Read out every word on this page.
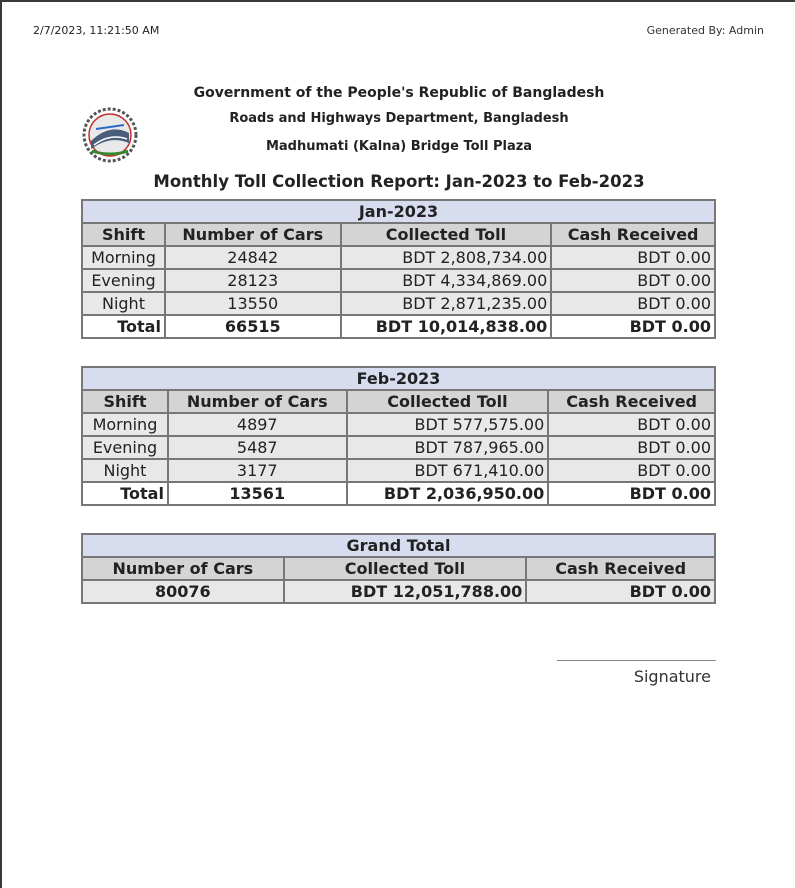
2/7/2023, 11:21:50 AM	Generated By: Admin
Government of the People's Republic of Bangladesh
Roads and Highways Department, Bangladesh
Madhumati (Kalna) Bridge Toll Plaza
Monthly Toll Collection Report: Jan-2023 to Feb-2023
Jan-2023			
Shift	Number of Cars	Collected Toll	Cash Received
Morning	24842	BDT 2,808,734.00	BDT 0.00
Evening	28123	BDT 4,334,869.00	BDT 0.00
Night	13550	BDT 2,871,235.00	BDT 0.00
Total	66515	BDT 10,014,838.00	BDT 0.00
Feb-2023			
Shift	Number of Cars	Collected Toll	Cash Received
Morning	4897	BDT 577,575.00	BDT 0.00
Evening	5487	BDT 787,965.00	BDT 0.00
Night	3177	BDT 671,410.00	BDT 0.00
Total	13561	BDT 2,036,950.00	BDT 0.00
Grand Total		
Number of Cars	Collected Toll	Cash Received
80076	BDT 12,051,788.00	BDT 0.00
Signature
